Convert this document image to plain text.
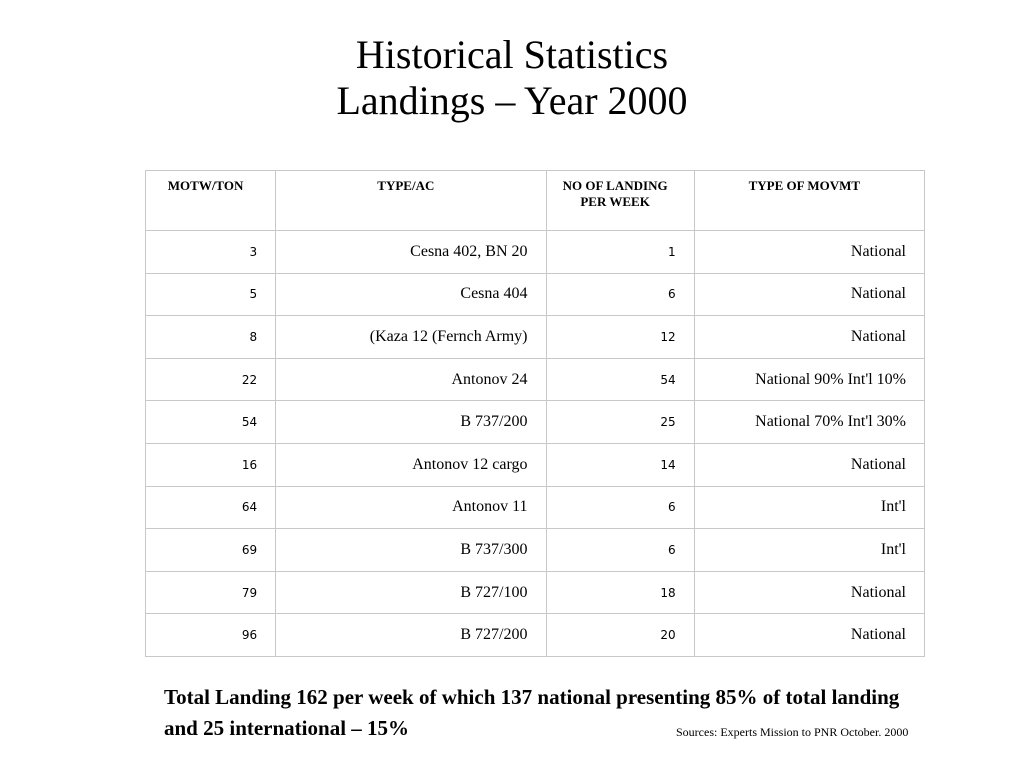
Historical Statistics
Landings – Year 2000
MOTW/TON	TYPE/AC	NO OF LANDING PER WEEK	TYPE OF MOVMT
3	Cesna 402, BN 20	1	National
5	Cesna 404	6	National
8	(Kaza 12 (Fernch Army)	12	National
22	Antonov 24	54	National 90% Int'l 10%
54	B 737/200	25	National 70% Int'l 30%
16	Antonov 12 cargo	14	National
64	Antonov 11	6	Int'l
69	B 737/300	6	Int'l
79	B 727/100	18	National
96	B 727/200	20	National
Total Landing 162 per week of which 137 national presenting 85% of total landing and 25 international – 15%	Sources: Experts Mission to PNR October. 2000
